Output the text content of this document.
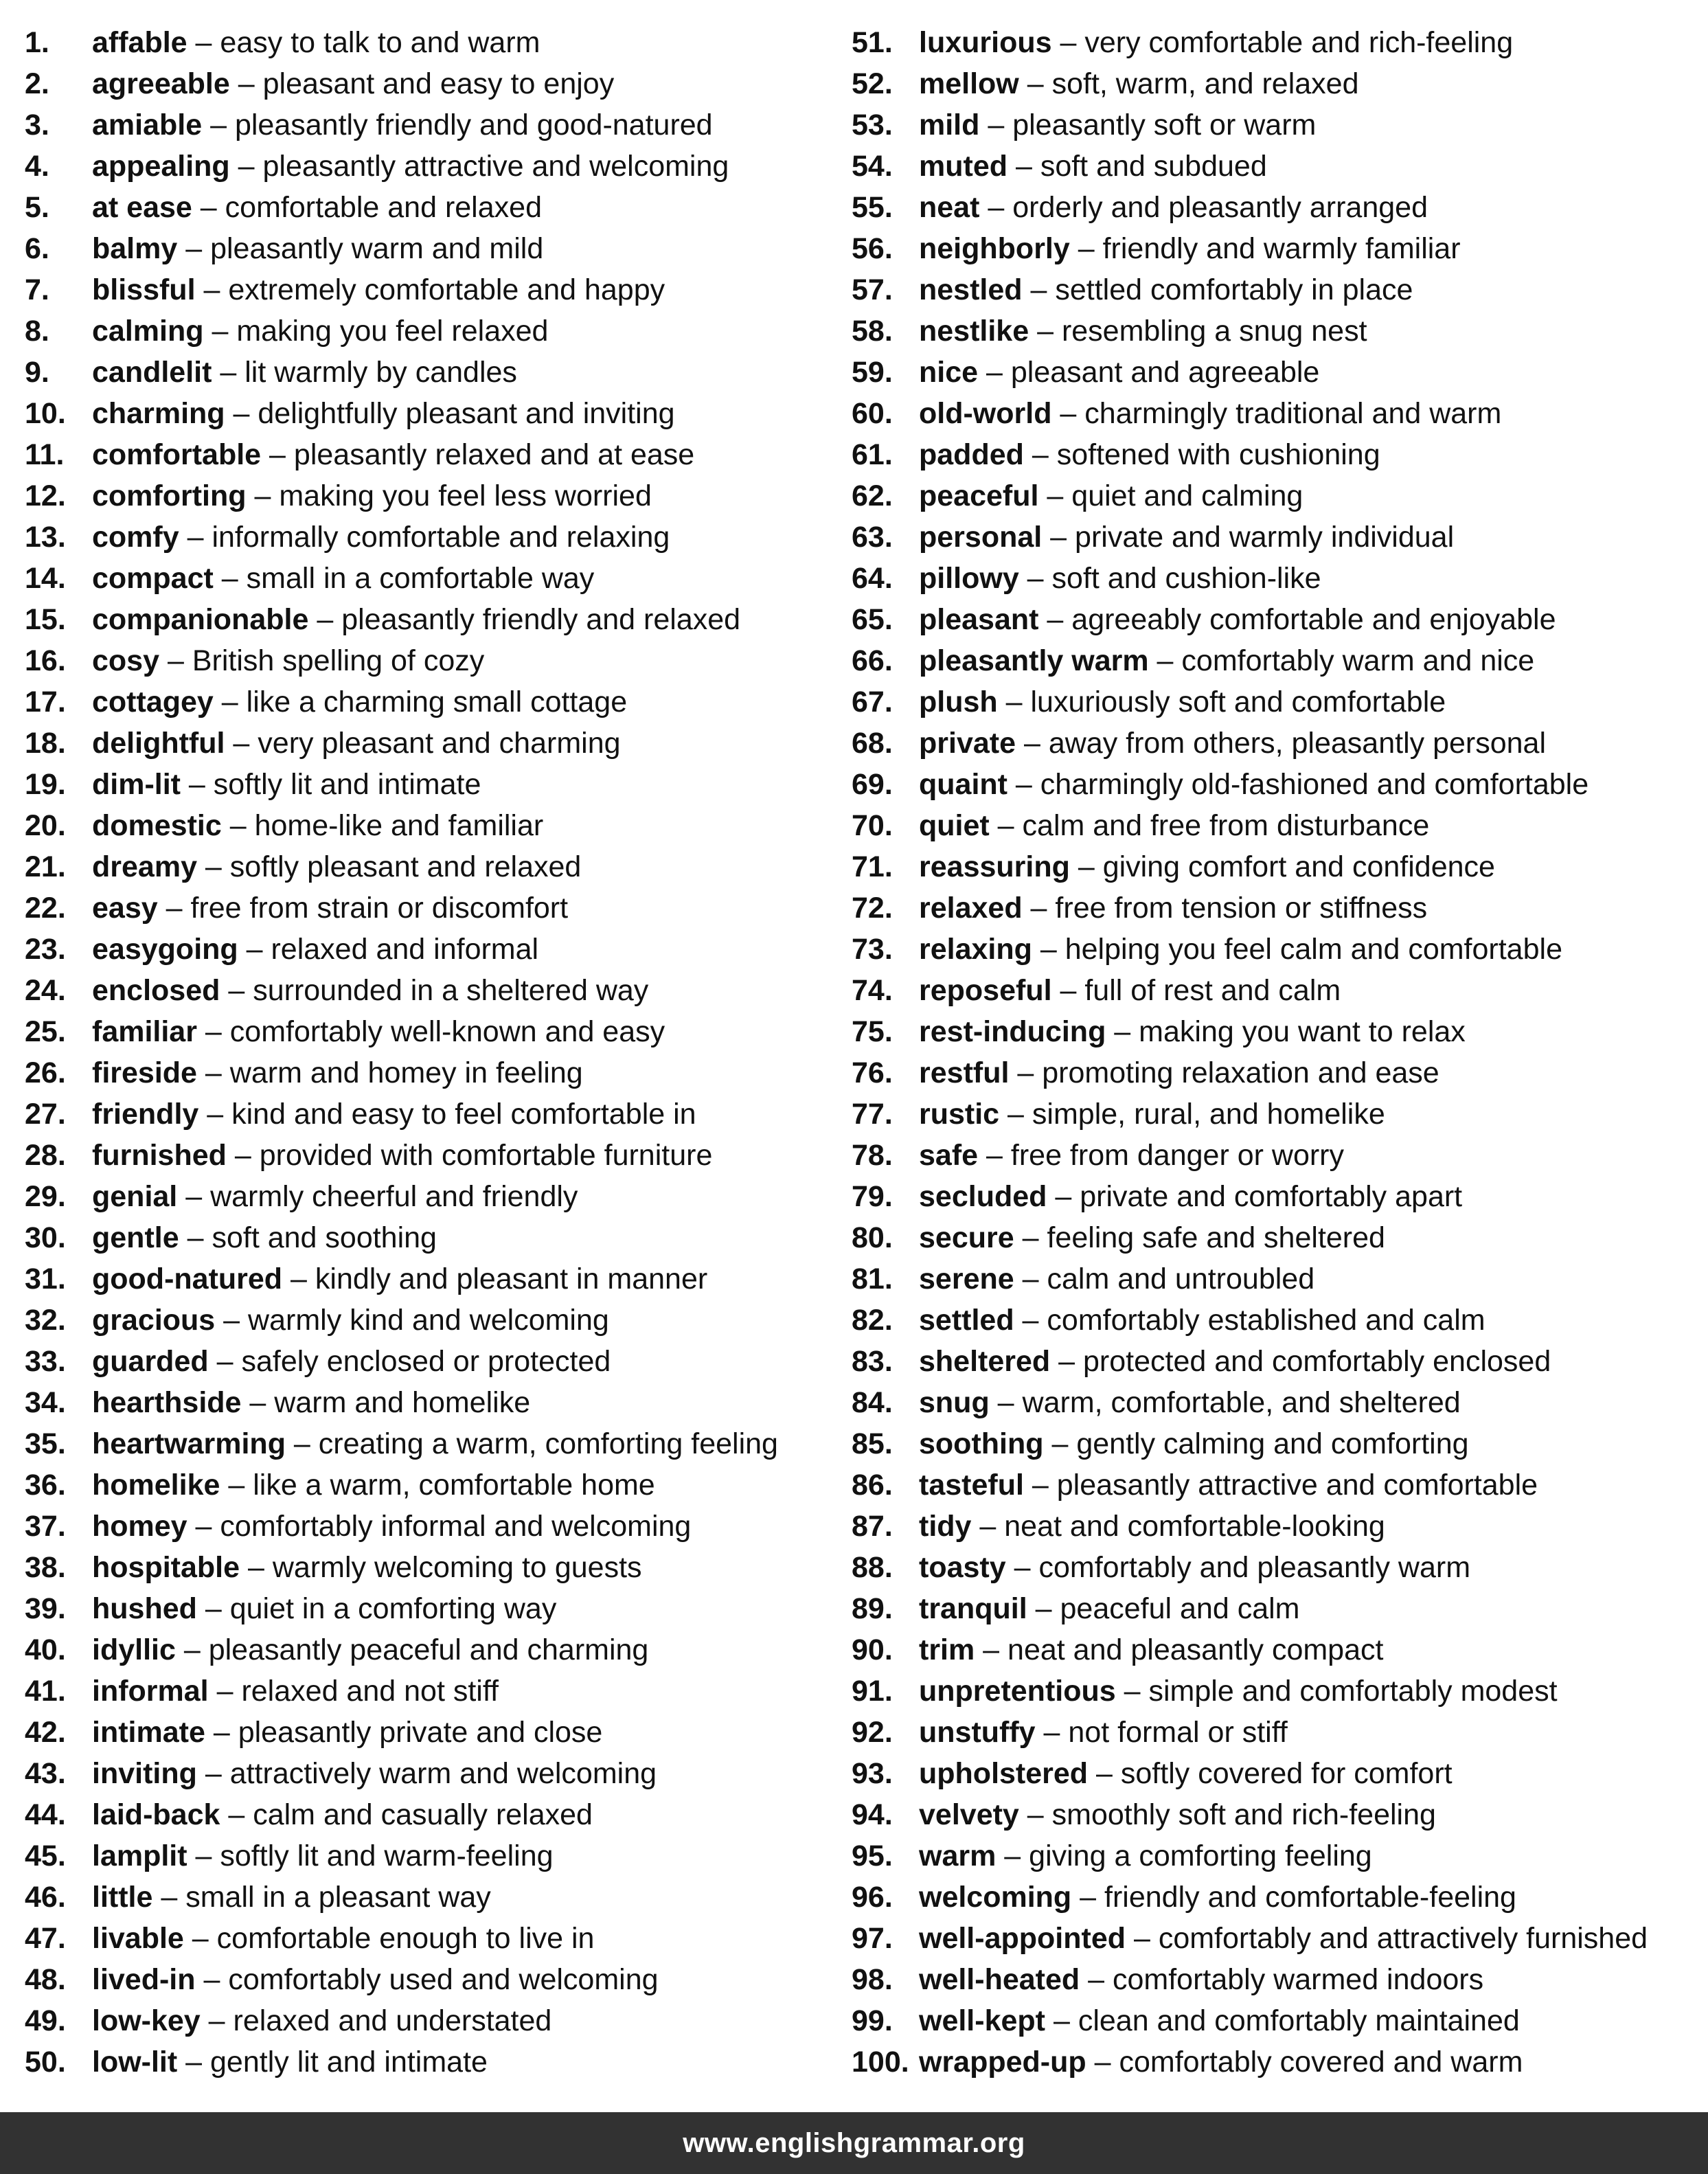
1. affable – easy to talk to and warm
2. agreeable – pleasant and easy to enjoy
3. amiable – pleasantly friendly and good-natured
4. appealing – pleasantly attractive and welcoming
5. at ease – comfortable and relaxed
6. balmy – pleasantly warm and mild
7. blissful – extremely comfortable and happy
8. calming – making you feel relaxed
9. candlelit – lit warmly by candles
10. charming – delightfully pleasant and inviting
11. comfortable – pleasantly relaxed and at ease
12. comforting – making you feel less worried
13. comfy – informally comfortable and relaxing
14. compact – small in a comfortable way
15. companionable – pleasantly friendly and relaxed
16. cosy – British spelling of cozy
17. cottagey – like a charming small cottage
18. delightful – very pleasant and charming
19. dim-lit – softly lit and intimate
20. domestic – home-like and familiar
21. dreamy – softly pleasant and relaxed
22. easy – free from strain or discomfort
23. easygoing – relaxed and informal
24. enclosed – surrounded in a sheltered way
25. familiar – comfortably well-known and easy
26. fireside – warm and homey in feeling
27. friendly – kind and easy to feel comfortable in
28. furnished – provided with comfortable furniture
29. genial – warmly cheerful and friendly
30. gentle – soft and soothing
31. good-natured – kindly and pleasant in manner
32. gracious – warmly kind and welcoming
33. guarded – safely enclosed or protected
34. hearthside – warm and homelike
35. heartwarming – creating a warm, comforting feeling
36. homelike – like a warm, comfortable home
37. homey – comfortably informal and welcoming
38. hospitable – warmly welcoming to guests
39. hushed – quiet in a comforting way
40. idyllic – pleasantly peaceful and charming
41. informal – relaxed and not stiff
42. intimate – pleasantly private and close
43. inviting – attractively warm and welcoming
44. laid-back – calm and casually relaxed
45. lamplit – softly lit and warm-feeling
46. little – small in a pleasant way
47. livable – comfortable enough to live in
48. lived-in – comfortably used and welcoming
49. low-key – relaxed and understated
50. low-lit – gently lit and intimate
51. luxurious – very comfortable and rich-feeling
52. mellow – soft, warm, and relaxed
53. mild – pleasantly soft or warm
54. muted – soft and subdued
55. neat – orderly and pleasantly arranged
56. neighborly – friendly and warmly familiar
57. nestled – settled comfortably in place
58. nestlike – resembling a snug nest
59. nice – pleasant and agreeable
60. old-world – charmingly traditional and warm
61. padded – softened with cushioning
62. peaceful – quiet and calming
63. personal – private and warmly individual
64. pillowy – soft and cushion-like
65. pleasant – agreeably comfortable and enjoyable
66. pleasantly warm – comfortably warm and nice
67. plush – luxuriously soft and comfortable
68. private – away from others, pleasantly personal
69. quaint – charmingly old-fashioned and comfortable
70. quiet – calm and free from disturbance
71. reassuring – giving comfort and confidence
72. relaxed – free from tension or stiffness
73. relaxing – helping you feel calm and comfortable
74. reposeful – full of rest and calm
75. rest-inducing – making you want to relax
76. restful – promoting relaxation and ease
77. rustic – simple, rural, and homelike
78. safe – free from danger or worry
79. secluded – private and comfortably apart
80. secure – feeling safe and sheltered
81. serene – calm and untroubled
82. settled – comfortably established and calm
83. sheltered – protected and comfortably enclosed
84. snug – warm, comfortable, and sheltered
85. soothing – gently calming and comforting
86. tasteful – pleasantly attractive and comfortable
87. tidy – neat and comfortable-looking
88. toasty – comfortably and pleasantly warm
89. tranquil – peaceful and calm
90. trim – neat and pleasantly compact
91. unpretentious – simple and comfortably modest
92. unstuffy – not formal or stiff
93. upholstered – softly covered for comfort
94. velvety – smoothly soft and rich-feeling
95. warm – giving a comforting feeling
96. welcoming – friendly and comfortable-feeling
97. well-appointed – comfortably and attractively furnished
98. well-heated – comfortably warmed indoors
99. well-kept – clean and comfortably maintained
100. wrapped-up – comfortably covered and warm
www.englishgrammar.org
